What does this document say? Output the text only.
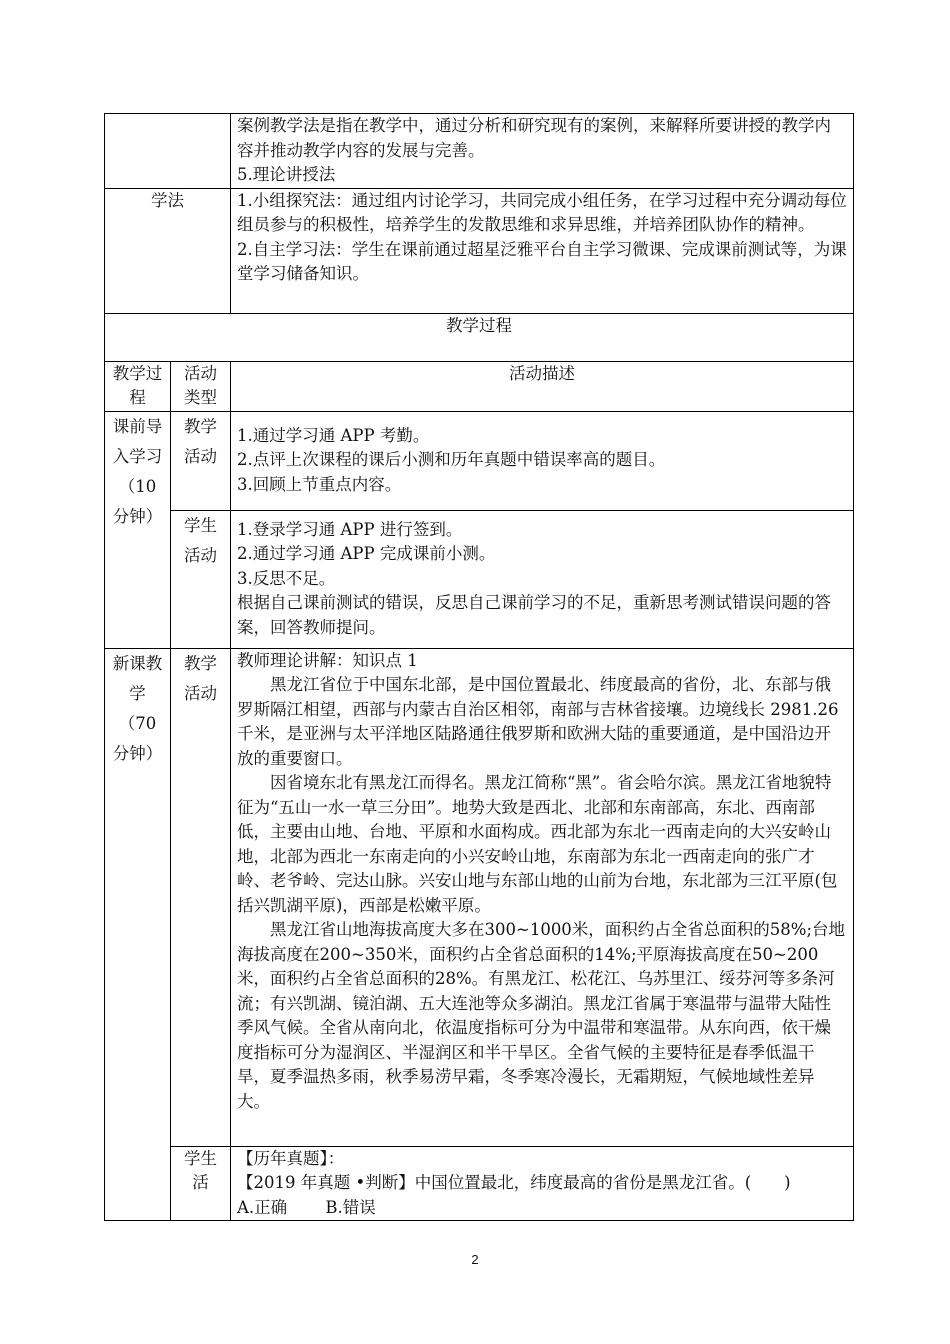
		案例教学法是指在教学中，通过分析和研究现有的案例，来解释所要讲授的教学内容并推动教学内容的发展与完善。

5.理论讲授法

学法		1.小组探究法：通过组内讨论学习，共同完成小组任务，在学习过程中充分调动每位组员参与的积极性，培养学生的发散思维和求异思维，并培养团队协作的精神。

2.自主学习法：学生在课前通过超星泛雅平台自主学习微课、完成课前测试等，为课堂学习储备知识。

教学过程		
教学过程	活动类型	活动描述
课前导入学习（10分钟）	教学活动	1.通过学习通 APP 考勤。

2.点评上次课程的课后小测和历年真题中错误率高的题目。

3.回顾上节重点内容。

	学生活动	1.登录学习通 APP 进行签到。

2.通过学习通 APP 完成课前小测。

3.反思不足。

根据自己课前测试的错误，反思自己课前学习的不足，重新思考测试错误问题的答案，回答教师提问。

新课教学（70分钟）	教学活动	教师理论讲解：知识点 1

黑龙江省位于中国东北部，是中国位置最北、纬度最高的省份，北、东部与俄罗斯隔江相望，西部与内蒙古自治区相邻，南部与吉林省接壤。边境线长 2981.26 千米，是亚洲与太平洋地区陆路通往俄罗斯和欧洲大陆的重要通道，是中国沿边开放的重要窗口。

因省境东北有黑龙江而得名。黑龙江简称“黑”。省会哈尔滨。黑龙江省地貌特征为“五山一水一草三分田”。地势大致是西北、北部和东南部高，东北、西南部低，主要由山地、台地、平原和水面构成。西北部为东北一西南走向的大兴安岭山地，北部为西北一东南走向的小兴安岭山地，东南部为东北一西南走向的张广才岭、老爷岭、完达山脉。兴安山地与东部山地的山前为台地，东北部为三江平原(包括兴凯湖平原)，西部是松嫩平原。

黑龙江省山地海拔高度大多在300~1000米，面积约占全省总面积的58%;台地海拔高度在200~350米，面积约占全省总面积的14%;平原海拔高度在50~200米，面积约占全省总面积的28%。有黑龙江、松花江、乌苏里江、绥芬河等多条河流；有兴凯湖、镜泊湖、五大连池等众多湖泊。黑龙江省属于寒温带与温带大陆性季风气候。全省从南向北，依温度指标可分为中温带和寒温带。从东向西，依干燥度指标可分为湿润区、半湿润区和半干旱区。全省气候的主要特征是春季低温干旱，夏季温热多雨，秋季易涝早霜，冬季寒冷漫长，无霜期短，气候地域性差异大。

	学生活	【历年真题】：

【2019 年真题 •判断】中国位置最北，纬度最高的省份是黑龙江省。(　　)

A.正确　　 B.错误

2
